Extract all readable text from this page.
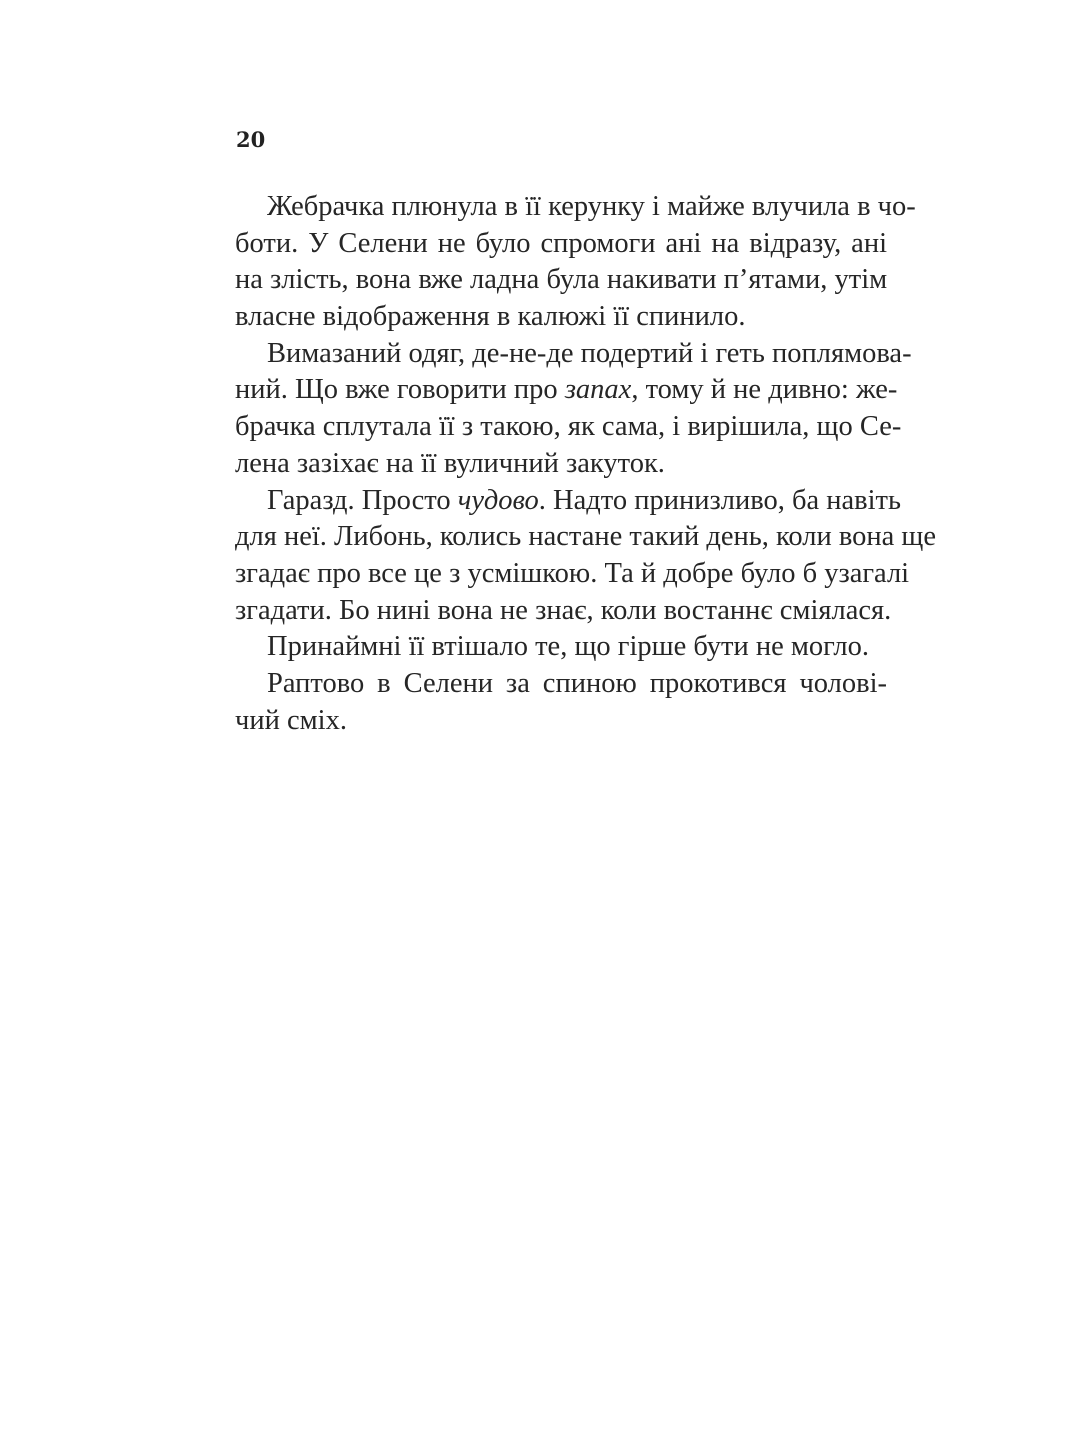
20

Жебрачка плюнула в її керунку і майже влучила в чо-
боти. У Селени не було спромоги ані на відразу, ані
на злість, вона вже ладна була накивати п’ятами, утім
власне відображення в калюжі її спинило.

Вимазаний одяг, де-не-де подертий і геть поплямова-
ний. Що вже говорити про запах, тому й не дивно: же-
брачка сплутала її з такою, як сама, і вирішила, що Се-
лена зазіхає на її вуличний закуток.

Гаразд. Просто чудово. Надто принизливо, ба навіть
для неї. Либонь, колись настане такий день, коли вона ще
згадає про все це з усмішкою. Та й добре було б узагалі
згадати. Бо нині вона не знає, коли востаннє сміялася.

Принаймні її втішало те, що гірше бути не могло.

Раптово в Селени за спиною прокотився чолові-
чий сміх.
